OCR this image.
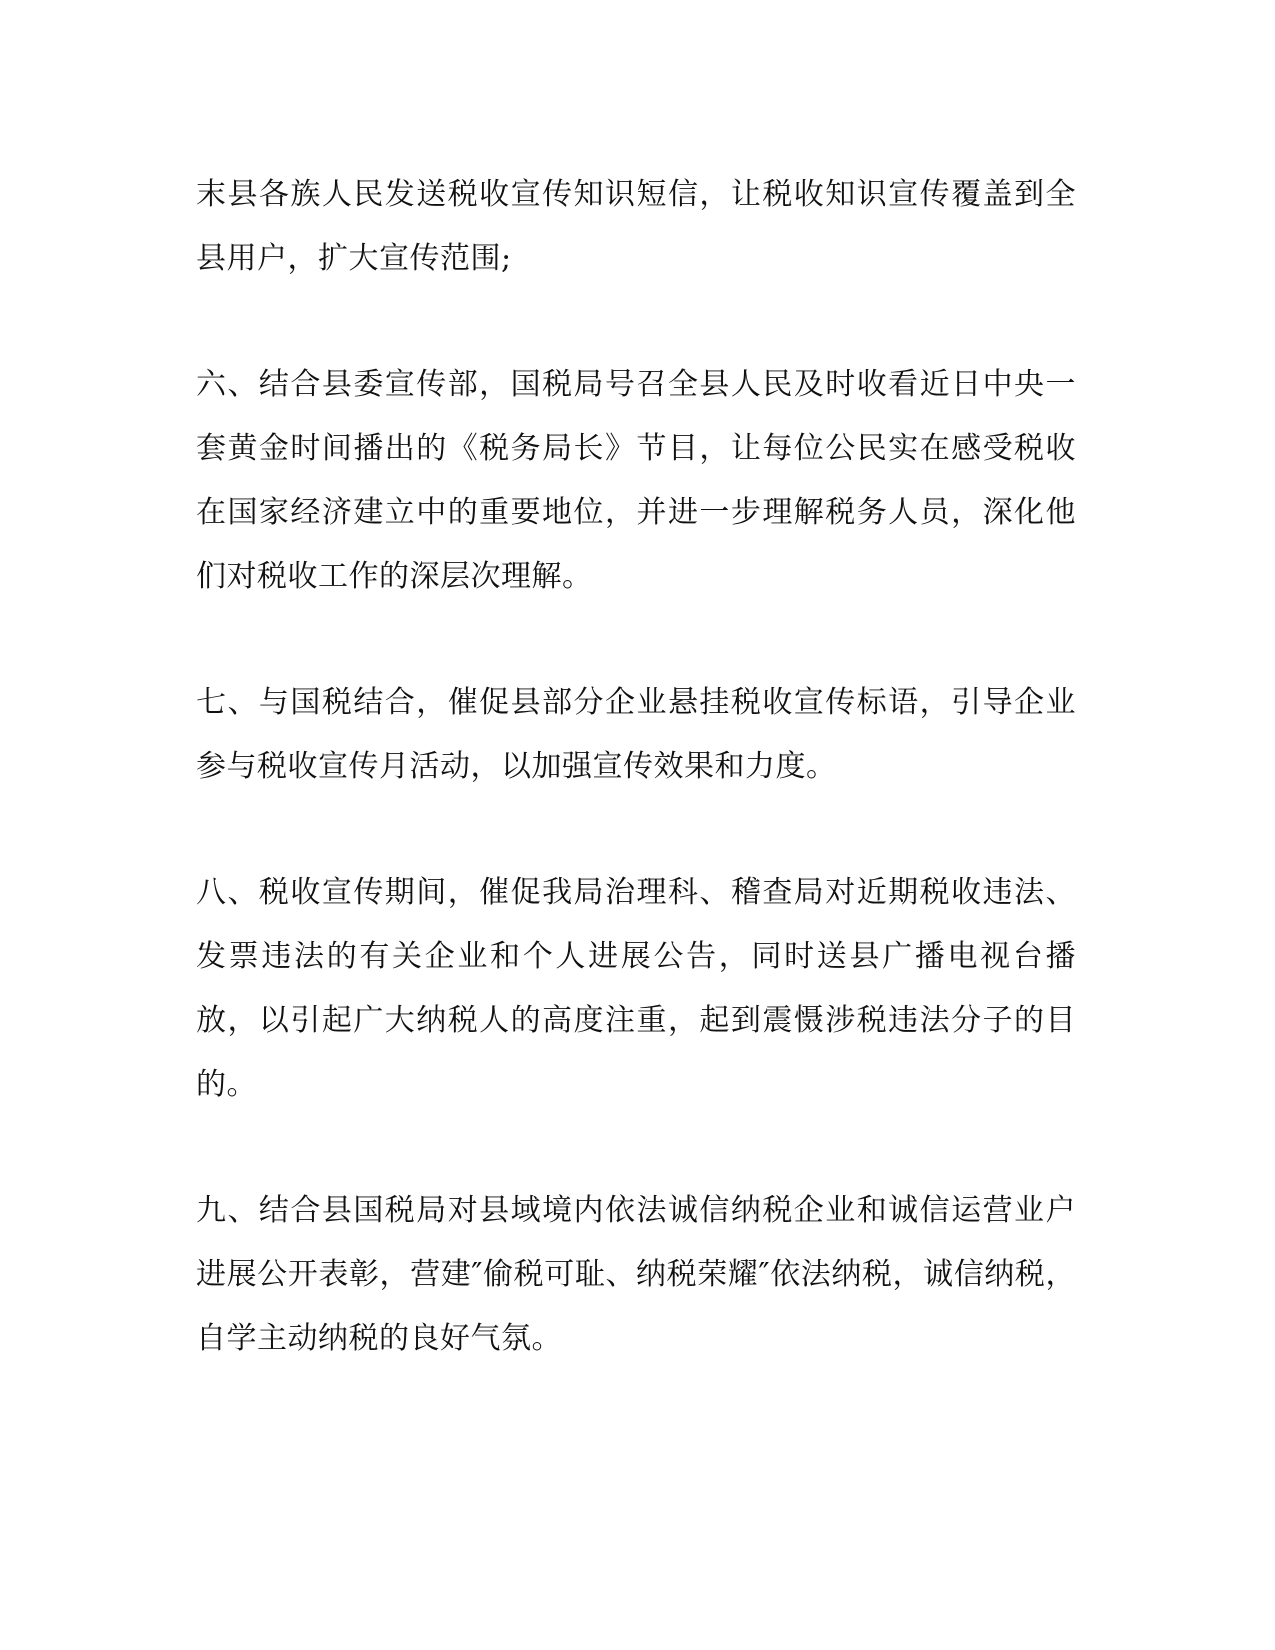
末县各族人民发送税收宣传知识短信，让税收知识宣传覆盖到全县用户，扩大宣传范围;

六、结合县委宣传部，国税局号召全县人民及时收看近日中央一套黄金时间播出的《税务局长》节目，让每位公民实在感受税收在国家经济建立中的重要地位，并进一步理解税务人员，深化他们对税收工作的深层次理解。

七、与国税结合，催促县部分企业悬挂税收宣传标语，引导企业参与税收宣传月活动，以加强宣传效果和力度。

八、税收宣传期间，催促我局治理科、稽查局对近期税收违法、发票违法的有关企业和个人进展公告，同时送县广播电视台播放，以引起广大纳税人的高度注重，起到震慑涉税违法分子的目的。

九、结合县国税局对县域境内依法诚信纳税企业和诚信运营业户进展公开表彰，营建″偷税可耻、纳税荣耀″依法纳税，诚信纳税，自学主动纳税的良好气氛。
